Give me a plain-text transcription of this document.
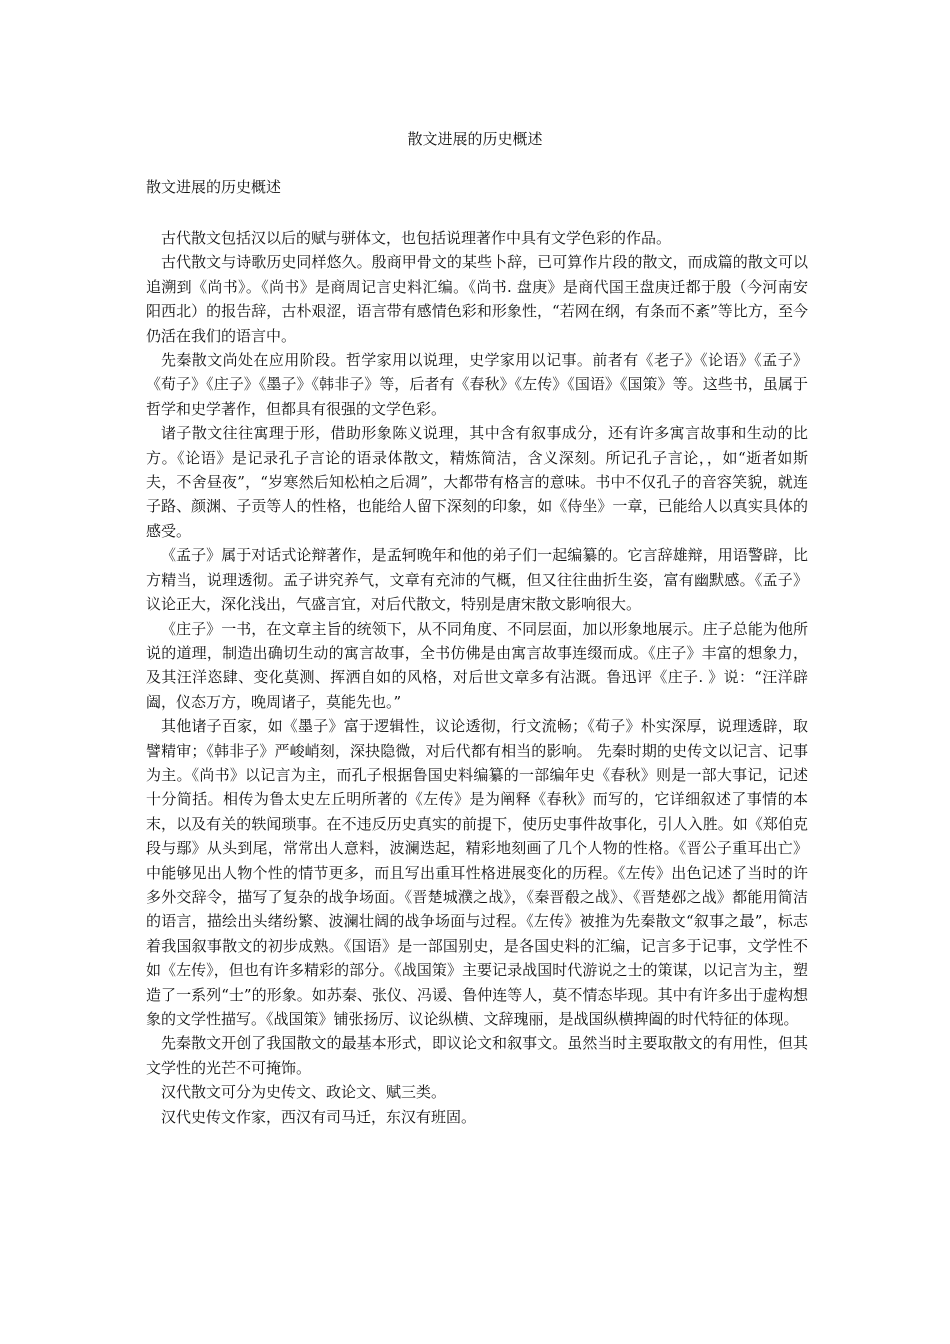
散文进展的历史概述
散文进展的历史概述

古代散文包括汉以后的赋与骈体文，也包括说理著作中具有文学色彩的作品。

古代散文与诗歌历史同样悠久。殷商甲骨文的某些卜辞，已可算作片段的散文，而成篇的散文可以追溯到《尚书》。《尚书》是商周记言史料汇编。《尚书. 盘庚》是商代国王盘庚迁都于殷（今河南安阳西北）的报告辞，古朴艰涩，语言带有感情色彩和形象性，“若网在纲，有条而不紊”等比方，至今仍活在我们的语言中。

先秦散文尚处在应用阶段。哲学家用以说理，史学家用以记事。前者有《老子》《论语》《孟子》《荀子》《庄子》《墨子》《韩非子》等，后者有《春秋》《左传》《国语》《国策》等。这些书，虽属于哲学和史学著作，但都具有很强的文学色彩。

诸子散文往往寓理于形，借助形象陈义说理，其中含有叙事成分，还有许多寓言故事和生动的比方。《论语》是记录孔子言论的语录体散文，精炼简洁，含义深刻。所记孔子言论，，如“逝者如斯夫，不舍昼夜”，“岁寒然后知松柏之后凋”，大都带有格言的意味。书中不仅孔子的音容笑貌，就连子路、颜渊、子贡等人的性格，也能给人留下深刻的印象，如《侍坐》一章，已能给人以真实具体的感受。

《孟子》属于对话式论辩著作，是孟轲晚年和他的弟子们一起编纂的。它言辞雄辩，用语警辟，比方精当，说理透彻。孟子讲究养气，文章有充沛的气概，但又往往曲折生姿，富有幽默感。《孟子》议论正大，深化浅出，气盛言宜，对后代散文，特别是唐宋散文影响很大。

《庄子》一书，在文章主旨的统领下，从不同角度、不同层面，加以形象地展示。庄子总能为他所说的道理，制造出确切生动的寓言故事，全书仿佛是由寓言故事连缀而成。《庄子》丰富的想象力，及其汪洋恣肆、变化莫测、挥洒自如的风格，对后世文章多有沾溉。鲁迅评《庄子. 》说：“汪洋辟阖，仪态万方，晚周诸子，莫能先也。”

其他诸子百家，如《墨子》富于逻辑性，议论透彻，行文流畅；《荀子》朴实深厚，说理透辟，取譬精审；《韩非子》严峻峭刻，深抉隐微，对后代都有相当的影响。 先秦时期的史传文以记言、记事为主。《尚书》以记言为主，而孔子根据鲁国史料编纂的一部编年史《春秋》则是一部大事记，记述十分简括。相传为鲁太史左丘明所著的《左传》是为阐释《春秋》而写的，它详细叙述了事情的本末，以及有关的轶闻琐事。在不违反历史真实的前提下，使历史事件故事化，引人入胜。如《郑伯克段与鄢》从头到尾，常常出人意料，波澜迭起，精彩地刻画了几个人物的性格。《晋公子重耳出亡》中能够见出人物个性的情节更多，而且写出重耳性格进展变化的历程。《左传》出色记述了当时的许多外交辞令，描写了复杂的战争场面。《晋楚城濮之战》，《秦晋殽之战》、《晋楚邲之战》都能用简洁的语言，描绘出头绪纷繁、波澜壮阔的战争场面与过程。《左传》被推为先秦散文“叙事之最”，标志着我国叙事散文的初步成熟。《国语》是一部国别史，是各国史料的汇编，记言多于记事，文学性不如《左传》，但也有许多精彩的部分。《战国策》主要记录战国时代游说之士的策谋，以记言为主，塑造了一系列“士”的形象。如苏秦、张仪、冯谖、鲁仲连等人，莫不情态毕现。其中有许多出于虚构想象的文学性描写。《战国策》铺张扬厉、议论纵横、文辞瑰丽，是战国纵横捭阖的时代特征的体现。

先秦散文开创了我国散文的最基本形式，即议论文和叙事文。虽然当时主要取散文的有用性，但其文学性的光芒不可掩饰。

汉代散文可分为史传文、政论文、赋三类。

汉代史传文作家，西汉有司马迁，东汉有班固。
